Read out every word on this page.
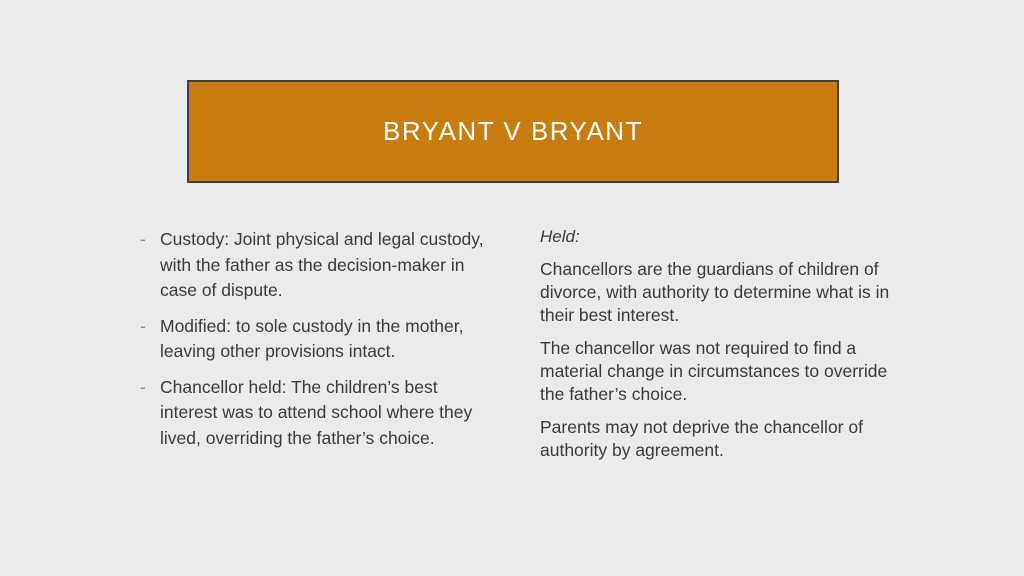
BRYANT V BRYANT
- Custody: Joint physical and legal custody, with the father as the decision-maker in case of dispute.
- Modified: to sole custody in the mother, leaving other provisions intact.
- Chancellor held: The children’s best interest was to attend school where they lived, overriding the father’s choice.

Held:

Chancellors are the guardians of children of divorce, with authority to determine what is in their best interest.

The chancellor was not required to find a material change in circumstances to override the father’s choice.

Parents may not deprive the chancellor of authority by agreement.
